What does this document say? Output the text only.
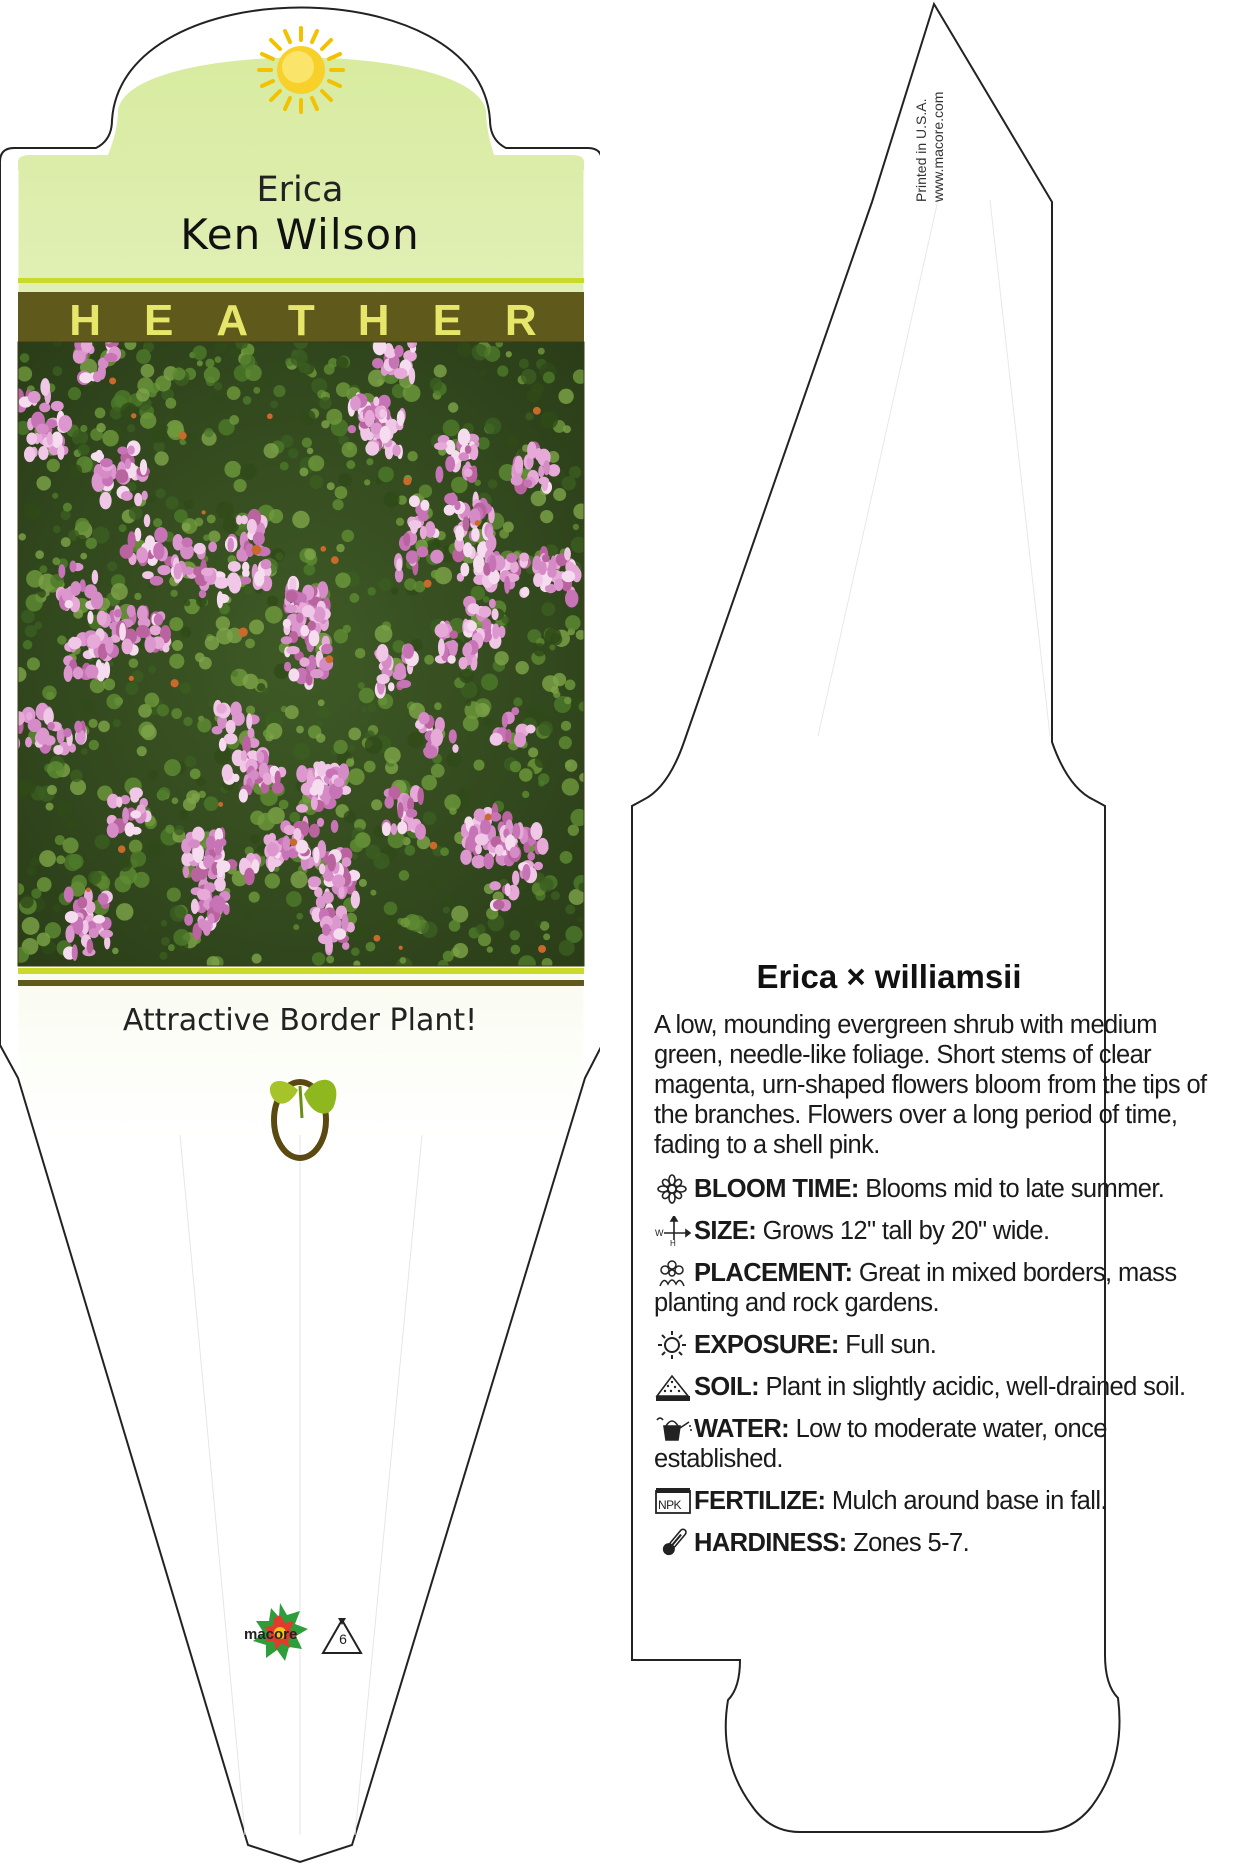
Erica
Ken Wilson
HEATHER
Attractive Border Plant!
macore	6
Printed in U.S.A. www.macore.com
Erica × williamsii
A low, mounding evergreen shrub with medium green, needle-like foliage. Short stems of clear magenta, urn-shaped flowers bloom from the tips of the branches. Flowers over a long period of time, fading to a shell pink.
BLOOM TIME: Blooms mid to late summer.
W
H SIZE: Grows 12" tall by 20" wide.
PLACEMENT: Great in mixed borders, mass planting and rock gardens.
EXPOSURE: Full sun.
SOIL: Plant in slightly acidic, well-drained soil.
WATER: Low to moderate water, once established.
NPK FERTILIZE: Mulch around base in fall.
HARDINESS: Zones 5-7.
